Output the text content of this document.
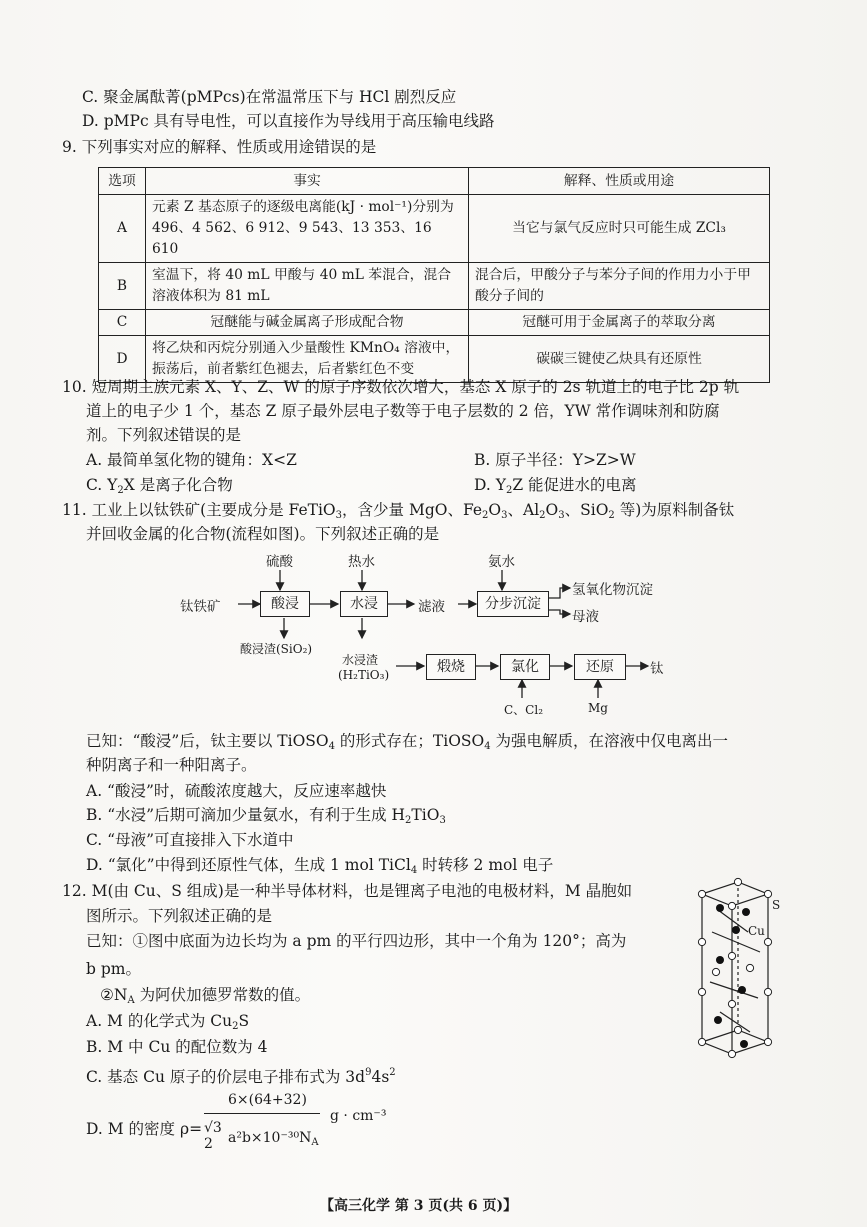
C. 聚金属酞菁(pMPcs)在常温常压下与 HCl 剧烈反应
D. pMPc 具有导电性，可以直接作为导线用于高压输电线路
9. 下列事实对应的解释、性质或用途错误的是
选项	事实	解释、性质或用途
A	元素 Z 基态原子的逐级电离能(kJ · mol⁻¹)分别为 496、4 562、6 912、9 543、13 353、16 610	当它与氯气反应时只可能生成 ZCl₃
B	室温下，将 40 mL 甲酸与 40 mL 苯混合，混合溶液体积为 81 mL	混合后，甲酸分子与苯分子间的作用力小于甲酸分子间的
C	冠醚能与碱金属离子形成配合物	冠醚可用于金属离子的萃取分离
D	将乙炔和丙烷分别通入少量酸性 KMnO₄ 溶液中，振荡后，前者紫红色褪去，后者紫红色不变	碳碳三键使乙炔具有还原性
10. 短周期主族元素 X、Y、Z、W 的原子序数依次增大，基态 X 原子的 2s 轨道上的电子比 2p 轨
道上的电子少 1 个，基态 Z 原子最外层电子数等于电子层数的 2 倍，YW 常作调味剂和防腐
剂。下列叙述错误的是
A. 最简单氢化物的键角：X<Z	B. 原子半径：Y>Z>W
C. $Y_2X$ 是离子化合物	D. $Y_2Z$ 能促进水的电离
11. 工业上以钛铁矿(主要成分是 FeTiO$_3$，含少量 MgO、$Fe_2O_3$、$Al_2O_3$、SiO$_2$ 等)为原料制备钛
并回收金属的化合物(流程如图)。下列叙述正确的是
钛铁矿
硫酸
酸浸
热水
水浸	滤液
氨水
分步沉淀
氢氧化物沉淀
母液
酸浸渣(SiO₂)
水浸渣
(H₂TiO₃)	煅烧	氯化	还原	钛
C、Cl₂	Mg
已知：“酸浸”后，钛主要以 TiOSO$_4$ 的形式存在；TiOSO$_4$ 为强电解质，在溶液中仅电离出一
种阴离子和一种阳离子。
A. “酸浸”时，硫酸浓度越大，反应速率越快
B. “水浸”后期可滴加少量氨水，有利于生成 $H_2TiO_3$
C. “母液”可直接排入下水道中
D. “氯化”中得到还原性气体，生成 1 mol TiCl$_4$ 时转移 2 mol 电子
12. M(由 Cu、S 组成)是一种半导体材料，也是锂离子电池的电极材料，M 晶胞如
图所示。下列叙述正确的是
已知：①图中底面为边长均为 a pm 的平行四边形，其中一个角为 120°；高为
b pm。
$②N_A$ 为阿伏加德罗常数的值。
A. M 的化学式为 $Cu_2S$
B. M 中 Cu 的配位数为 4
C. 基态 Cu 原子的价层电子排布式为 $3d^94s^2$
D. M 的密度 ρ=
6×(64+32)
√3
2	$a^2b\times 10^{-30}N_A$
g · cm⁻³
S
Cu
【高三化学 第 3 页(共 6 页)】
